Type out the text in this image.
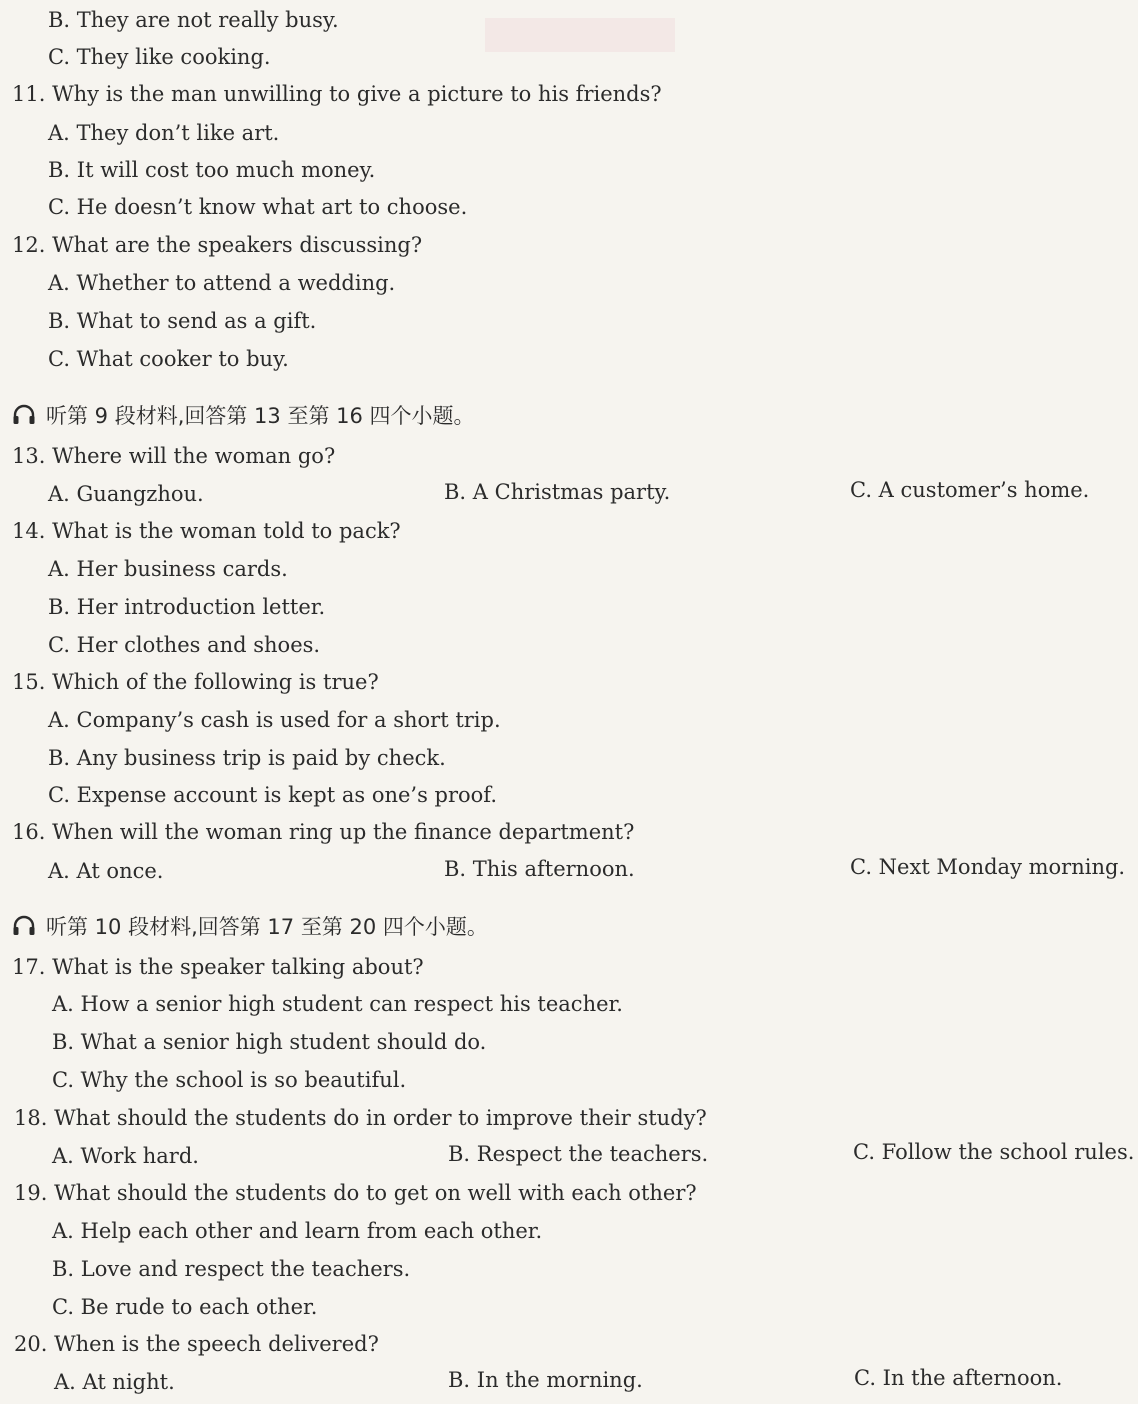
B. They are not really busy.
C. They like cooking.
11. Why is the man unwilling to give a picture to his friends?
A. They don’t like art.
B. It will cost too much money.
C. He doesn’t know what art to choose.
12. What are the speakers discussing?
A. Whether to attend a wedding.
B. What to send as a gift.
C. What cooker to buy.
听第 9 段材料,回答第 13 至第 16 四个小题。
13. Where will the woman go?
A. Guangzhou.	B. A Christmas party.	C. A customer’s home.
14. What is the woman told to pack?
A. Her business cards.
B. Her introduction letter.
C. Her clothes and shoes.
15. Which of the following is true?
A. Company’s cash is used for a short trip.
B. Any business trip is paid by check.
C. Expense account is kept as one’s proof.
16. When will the woman ring up the finance department?
A. At once.	B. This afternoon.	C. Next Monday morning.
听第 10 段材料,回答第 17 至第 20 四个小题。
17. What is the speaker talking about?
A. How a senior high student can respect his teacher.
B. What a senior high student should do.
C. Why the school is so beautiful.
18. What should the students do in order to improve their study?
A. Work hard.	B. Respect the teachers.	C. Follow the school rules.
19. What should the students do to get on well with each other?
A. Help each other and learn from each other.
B. Love and respect the teachers.
C. Be rude to each other.
20. When is the speech delivered?
A. At night.	B. In the morning.	C. In the afternoon.
